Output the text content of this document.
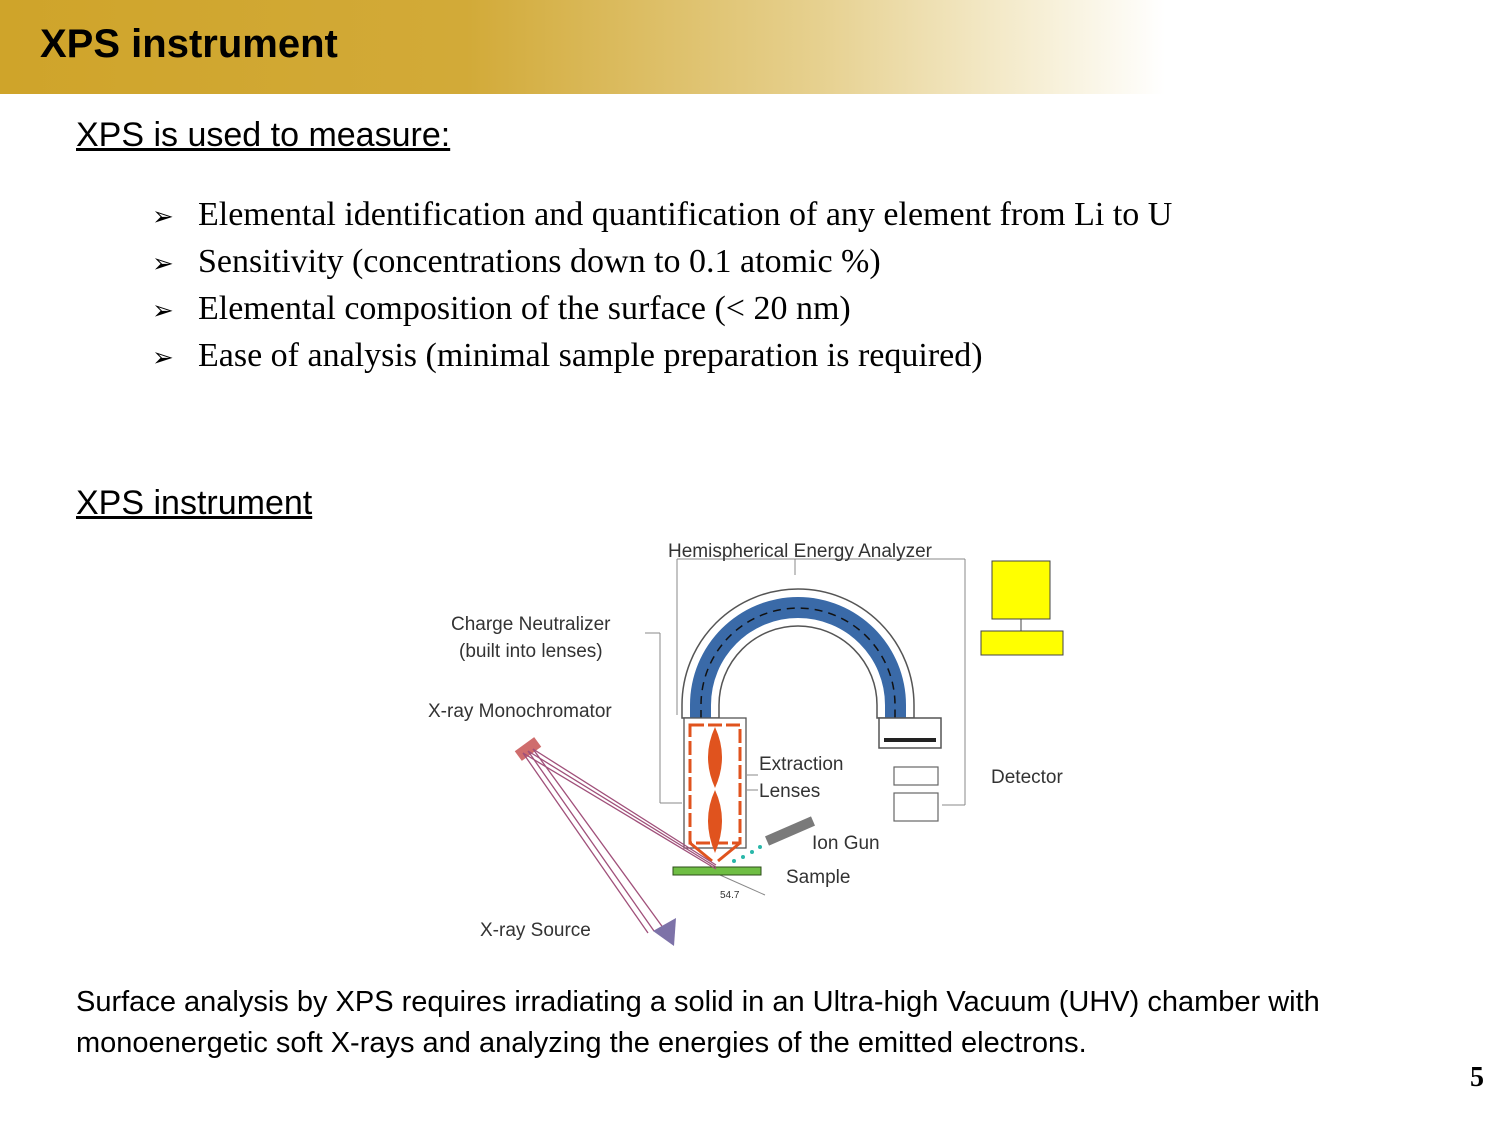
XPS instrument
XPS is used to measure:
➢ Elemental identification and quantification of any element from Li to U
➢ Sensitivity (concentrations down to 0.1 atomic %)
➢ Elemental composition of the surface (< 20 nm)
➢ Ease of analysis (minimal sample preparation is required)
XPS instrument
Hemispherical Energy Analyzer
Charge Neutralizer
(built into lenses)
X-ray Monochromator
Extraction
Lenses
Detector
Ion Gun
Sample
54.7
X-ray Source

Surface analysis by XPS requires irradiating a solid in an Ultra-high Vacuum (UHV) chamber with monoenergetic soft X-rays and analyzing the energies of the emitted electrons.

5
